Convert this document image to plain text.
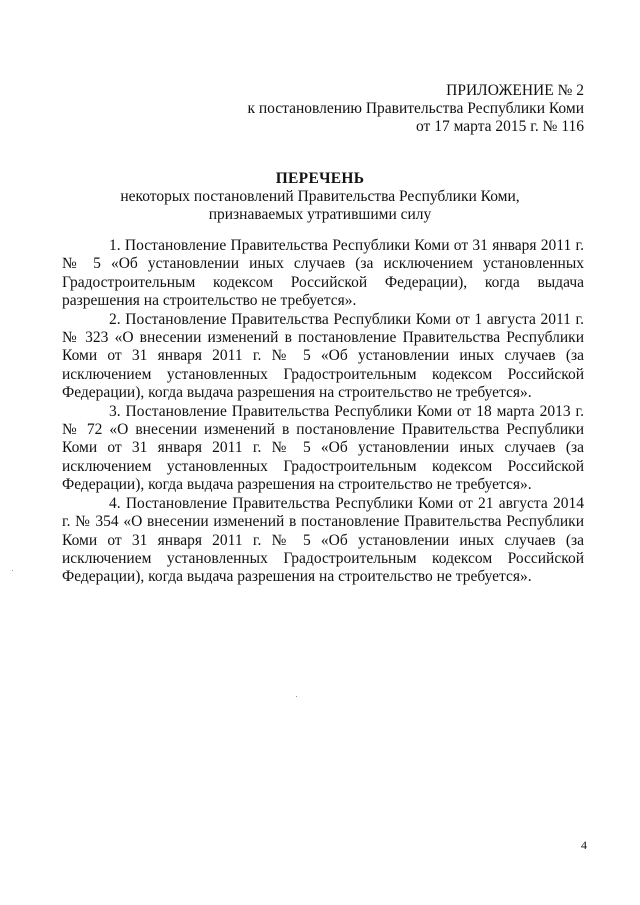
ПРИЛОЖЕНИЕ № 2
к постановлению Правительства Республики Коми
от 17 марта 2015 г. № 116
ПЕРЕЧЕНЬ
некоторых постановлений Правительства Республики Коми,
признаваемых утратившими силу

1. Постановление Правительства Республики Коми от 31 января 2011 г. № 5 «Об установлении иных случаев (за исключением установленных Градостроительным кодексом Российской Федерации), когда выдача разрешения на строительство не требуется».

2. Постановление Правительства Республики Коми от 1 августа 2011 г. № 323 «О внесении изменений в постановление Правительства Республики Коми от 31 января 2011 г. № 5 «Об установлении иных случаев (за исключением установленных Градостроительным кодексом Российской Федерации), когда выдача разрешения на строительство не требуется».

3. Постановление Правительства Республики Коми от 18 марта 2013 г. № 72 «О внесении изменений в постановление Правительства Республики Коми от 31 января 2011 г. № 5 «Об установлении иных случаев (за исключением установленных Градостроительным кодексом Российской Федерации), когда выдача разрешения на строительство не требуется».

4. Постановление Правительства Республики Коми от 21 августа 2014 г. № 354 «О внесении изменений в постановление Правительства Республики Коми от 31 января 2011 г. № 5 «Об установлении иных случаев (за исключением установленных Градостроительным кодексом Российской Федерации), когда выдача разрешения на строительство не требуется».

4
